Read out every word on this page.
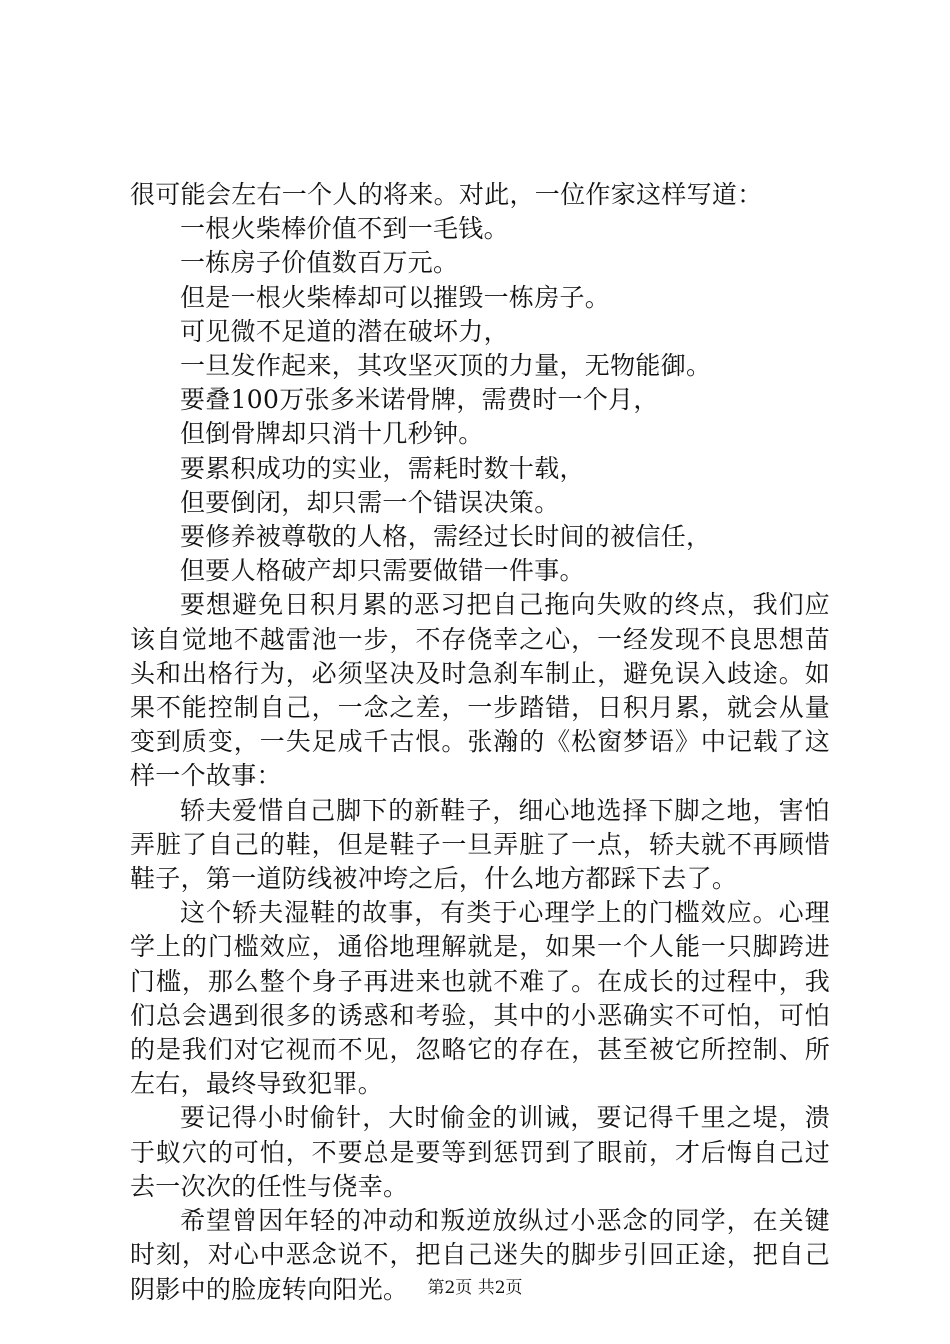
很可能会左右一个人的将来。对此，一位作家这样写道：

一根火柴棒价值不到一毛钱。

一栋房子价值数百万元。

但是一根火柴棒却可以摧毁一栋房子。

可见微不足道的潜在破坏力，

一旦发作起来，其攻坚灭顶的力量，无物能御。

要叠100万张多米诺骨牌，需费时一个月，

但倒骨牌却只消十几秒钟。

要累积成功的实业，需耗时数十载，

但要倒闭，却只需一个错误决策。

要修养被尊敬的人格，需经过长时间的被信任，

但要人格破产却只需要做错一件事。

要想避免日积月累的恶习把自己拖向失败的终点，我们应该自觉地不越雷池一步，不存侥幸之心，一经发现不良思想苗头和出格行为，必须坚决及时急刹车制止，避免误入歧途。如果不能控制自己，一念之差，一步踏错，日积月累，就会从量变到质变，一失足成千古恨。张瀚的《松窗梦语》中记载了这样一个故事：

轿夫爱惜自己脚下的新鞋子，细心地选择下脚之地，害怕弄脏了自己的鞋，但是鞋子一旦弄脏了一点，轿夫就不再顾惜鞋子，第一道防线被冲垮之后，什么地方都踩下去了。

这个轿夫湿鞋的故事，有类于心理学上的门槛效应。心理学上的门槛效应，通俗地理解就是，如果一个人能一只脚跨进门槛，那么整个身子再进来也就不难了。在成长的过程中，我们总会遇到很多的诱惑和考验，其中的小恶确实不可怕，可怕的是我们对它视而不见，忽略它的存在，甚至被它所控制、所左右，最终导致犯罪。

要记得小时偷针，大时偷金的训诫，要记得千里之堤，溃于蚁穴的可怕，不要总是要等到惩罚到了眼前，才后悔自己过去一次次的任性与侥幸。

希望曾因年轻的冲动和叛逆放纵过小恶念的同学，在关键时刻，对心中恶念说不，把自己迷失的脚步引回正途，把自己阴影中的脸庞转向阳光。	第2页 共2页
